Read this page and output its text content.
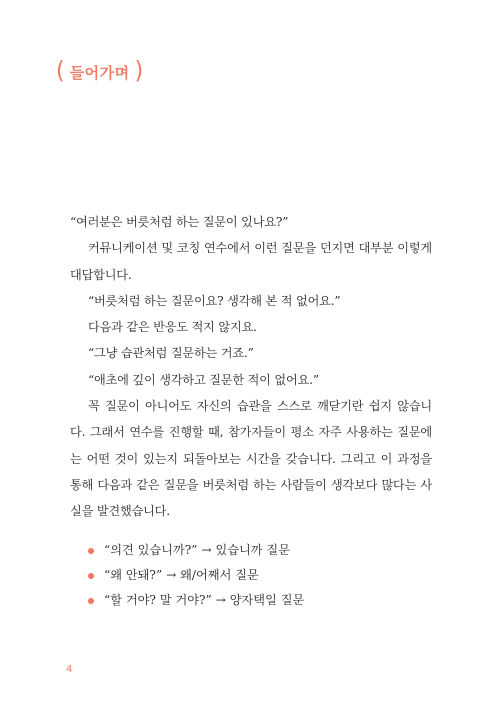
( 들어가며 )

“여러분은 버릇처럼 하는 질문이 있나요?”

커뮤니케이션 및 코칭 연수에서 이런 질문을 던지면 대부분 이렇게 대답합니다.

“버릇처럼 하는 질문이요? 생각해 본 적 없어요.”

다음과 같은 반응도 적지 않지요.

“그냥 습관처럼 질문하는 거죠.”

“애초에 깊이 생각하고 질문한 적이 없어요.”

꼭 질문이 아니어도 자신의 습관을 스스로 깨닫기란 쉽지 않습니다. 그래서 연수를 진행할 때, 참가자들이 평소 자주 사용하는 질문에는 어떤 것이 있는지 되돌아보는 시간을 갖습니다. 그리고 이 과정을 통해 다음과 같은 질문을 버릇처럼 하는 사람들이 생각보다 많다는 사실을 발견했습니다.

“의견 있습니까?” → 있습니까 질문
“왜 안돼?” → 왜/어째서 질문
“할 거야? 말 거야?” → 양자택일 질문
4
